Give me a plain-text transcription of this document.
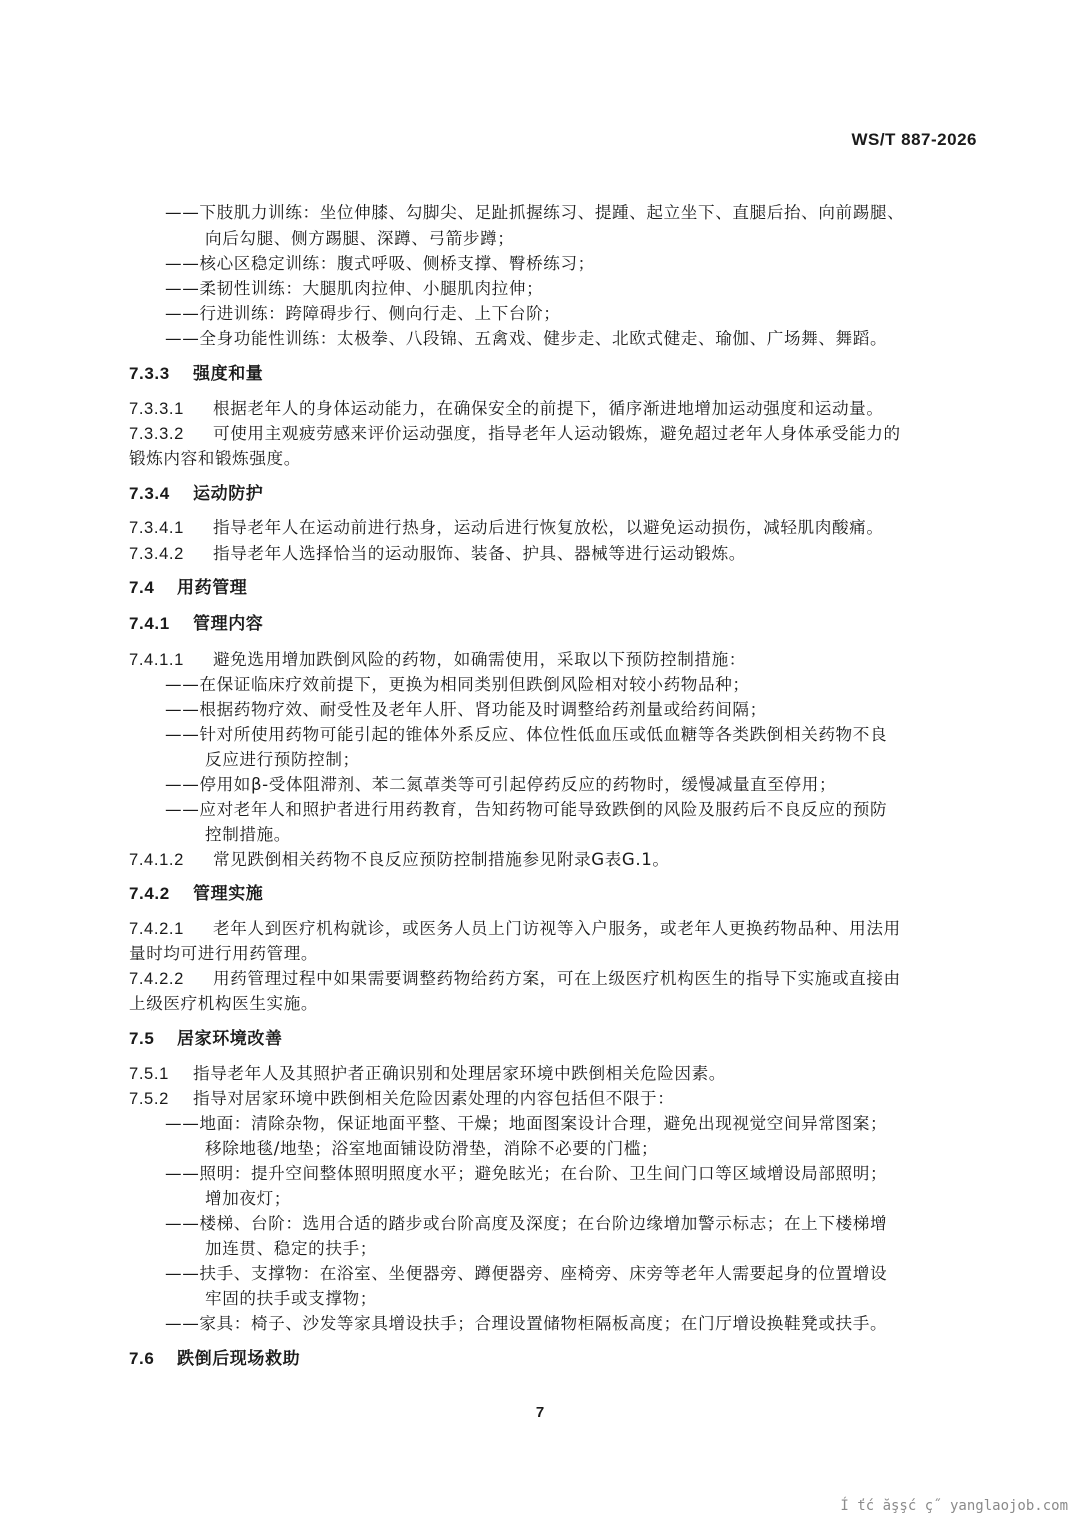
WS/T 887-2026
——下肢肌力训练：坐位伸膝、勾脚尖、足趾抓握练习、提踵、起立坐下、直腿后抬、向前踢腿、
向后勾腿、侧方踢腿、深蹲、弓箭步蹲；
——核心区稳定训练：腹式呼吸、侧桥支撑、臀桥练习；
——柔韧性训练：大腿肌肉拉伸、小腿肌肉拉伸；
——行进训练：跨障碍步行、侧向行走、上下台阶；
——全身功能性训练：太极拳、八段锦、五禽戏、健步走、北欧式健走、瑜伽、广场舞、舞蹈。
7.3.3 强度和量
7.3.3.1 根据老年人的身体运动能力，在确保安全的前提下，循序渐进地增加运动强度和运动量。
7.3.3.2 可使用主观疲劳感来评价运动强度，指导老年人运动锻炼，避免超过老年人身体承受能力的
锻炼内容和锻炼强度。
7.3.4 运动防护
7.3.4.1 指导老年人在运动前进行热身，运动后进行恢复放松，以避免运动损伤，减轻肌肉酸痛。
7.3.4.2 指导老年人选择恰当的运动服饰、装备、护具、器械等进行运动锻炼。
7.4 用药管理
7.4.1 管理内容
7.4.1.1 避免选用增加跌倒风险的药物，如确需使用，采取以下预防控制措施：
——在保证临床疗效前提下，更换为相同类别但跌倒风险相对较小药物品种；
——根据药物疗效、耐受性及老年人肝、肾功能及时调整给药剂量或给药间隔；
——针对所使用药物可能引起的锥体外系反应、体位性低血压或低血糖等各类跌倒相关药物不良
反应进行预防控制；
——停用如β-受体阻滞剂、苯二氮䓬类等可引起停药反应的药物时，缓慢减量直至停用；
——应对老年人和照护者进行用药教育，告知药物可能导致跌倒的风险及服药后不良反应的预防
控制措施。
7.4.1.2 常见跌倒相关药物不良反应预防控制措施参见附录G表G.1。
7.4.2 管理实施
7.4.2.1 老年人到医疗机构就诊，或医务人员上门访视等入户服务，或老年人更换药物品种、用法用
量时均可进行用药管理。
7.4.2.2 用药管理过程中如果需要调整药物给药方案，可在上级医疗机构医生的指导下实施或直接由
上级医疗机构医生实施。
7.5 居家环境改善
7.5.1 指导老年人及其照护者正确识别和处理居家环境中跌倒相关危险因素。
7.5.2 指导对居家环境中跌倒相关危险因素处理的内容包括但不限于：
——地面：清除杂物，保证地面平整、干燥；地面图案设计合理，避免出现视觉空间异常图案；
移除地毯/地垫；浴室地面铺设防滑垫，消除不必要的门槛；
——照明：提升空间整体照明照度水平；避免眩光；在台阶、卫生间门口等区域增设局部照明；
增加夜灯；
——楼梯、台阶：选用合适的踏步或台阶高度及深度；在台阶边缘增加警示标志；在上下楼梯增
加连贯、稳定的扶手；
——扶手、支撑物：在浴室、坐便器旁、蹲便器旁、座椅旁、床旁等老年人需要起身的位置增设
牢固的扶手或支撑物；
——家具：椅子、沙发等家具增设扶手；合理设置储物柜隔板高度；在门厅增设换鞋凳或扶手。
7.6 跌倒后现场救助
7
Í ťć ăşşć ç˝ yanglaojob.com
